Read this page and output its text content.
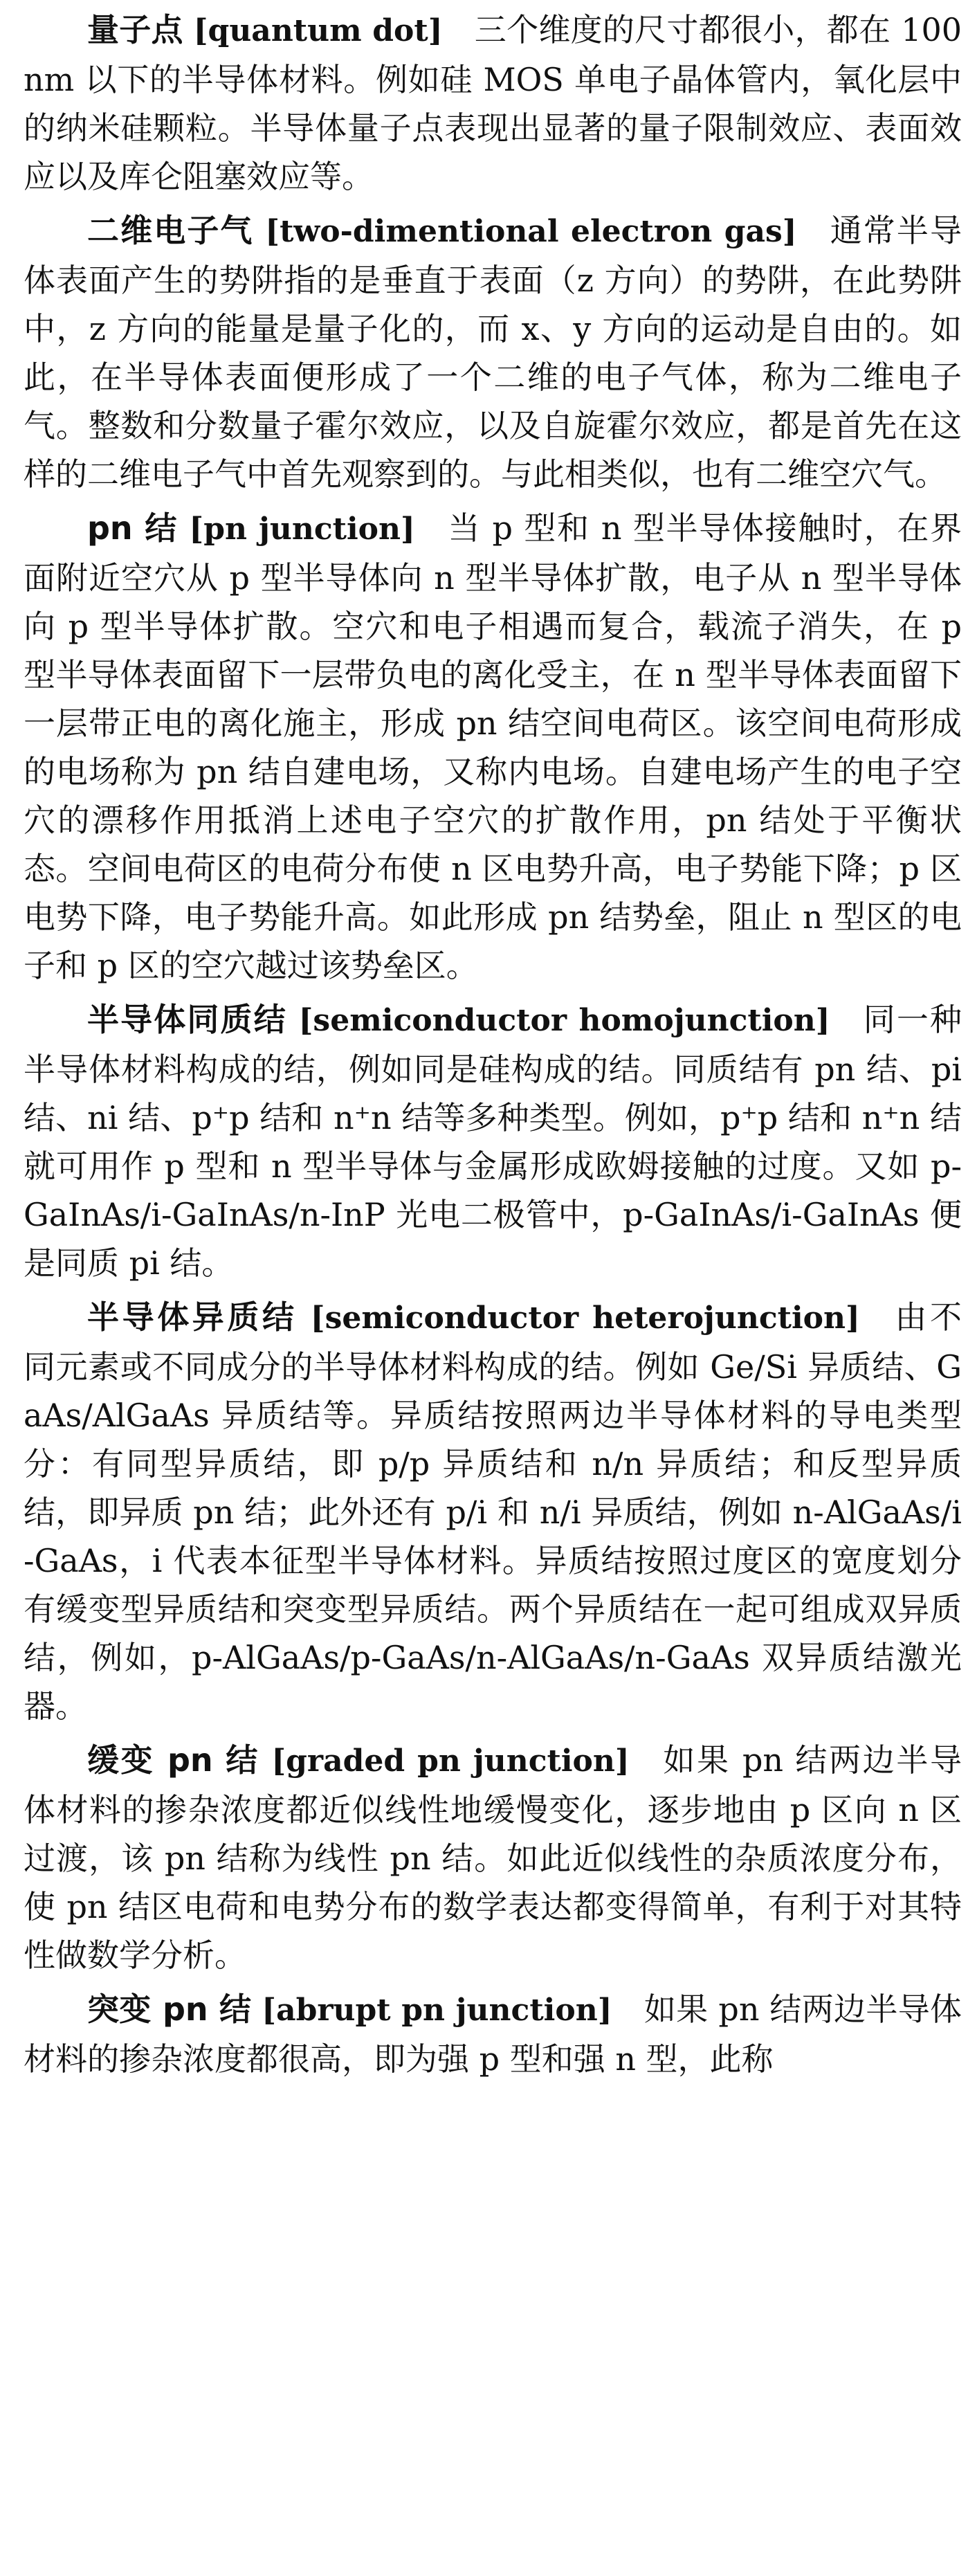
量子点 [quantum dot] 三个维度的尺寸都很小，都在 100nm 以下的半导体材料。例如硅 MOS 单电子晶体管内，氧化层中的纳米硅颗粒。半导体量子点表现出显著的量子限制效应、表面效应以及库仑阻塞效应等。

二维电子气 [two-dimentional electron gas] 通常半导体表面产生的势阱指的是垂直于表面（z 方向）的势阱，在此势阱中，z 方向的能量是量子化的，而 x、y 方向的运动是自由的。如此，在半导体表面便形成了一个二维的电子气体，称为二维电子气。整数和分数量子霍尔效应，以及自旋霍尔效应，都是首先在这样的二维电子气中首先观察到的。与此相类似，也有二维空穴气。

pn 结 [pn junction] 当 p 型和 n 型半导体接触时，在界面附近空穴从 p 型半导体向 n 型半导体扩散，电子从 n 型半导体向 p 型半导体扩散。空穴和电子相遇而复合，载流子消失，在 p 型半导体表面留下一层带负电的离化受主，在 n 型半导体表面留下一层带正电的离化施主，形成 pn 结空间电荷区。该空间电荷形成的电场称为 pn 结自建电场，又称内电场。自建电场产生的电子空穴的漂移作用抵消上述电子空穴的扩散作用，pn 结处于平衡状态。空间电荷区的电荷分布使 n 区电势升高，电子势能下降；p 区电势下降，电子势能升高。如此形成 pn 结势垒，阻止 n 型区的电子和 p 区的空穴越过该势垒区。

半导体同质结 [semiconductor homojunction] 同一种半导体材料构成的结，例如同是硅构成的结。同质结有 pn 结、pi 结、ni 结、p⁺p 结和 n⁺n 结等多种类型。例如，p⁺p 结和 n⁺n 结就可用作 p 型和 n 型半导体与金属形成欧姆接触的过度。又如 p-GaInAs/i-GaInAs/n-InP 光电二极管中，p-GaInAs/i-GaInAs 便是同质 pi 结。

半导体异质结 [semiconductor heterojunction] 由不同元素或不同成分的半导体材料构成的结。例如 Ge/Si 异质结、GaAs/AlGaAs 异质结等。异质结按照两边半导体材料的导电类型分：有同型异质结，即 p/p 异质结和 n/n 异质结；和反型异质结，即异质 pn 结；此外还有 p/i 和 n/i 异质结，例如 n-AlGaAs/i-GaAs，i 代表本征型半导体材料。异质结按照过度区的宽度划分有缓变型异质结和突变型异质结。两个异质结在一起可组成双异质结，例如，p-AlGaAs/p-GaAs/n-AlGaAs/n-GaAs 双异质结激光器。

缓变 pn 结 [graded pn junction] 如果 pn 结两边半导体材料的掺杂浓度都近似线性地缓慢变化，逐步地由 p 区向 n 区过渡，该 pn 结称为线性 pn 结。如此近似线性的杂质浓度分布，使 pn 结区电荷和电势分布的数学表达都变得简单，有利于对其特性做数学分析。

突变 pn 结 [abrupt pn junction] 如果 pn 结两边半导体材料的掺杂浓度都很高，即为强 p 型和强 n 型，此称
